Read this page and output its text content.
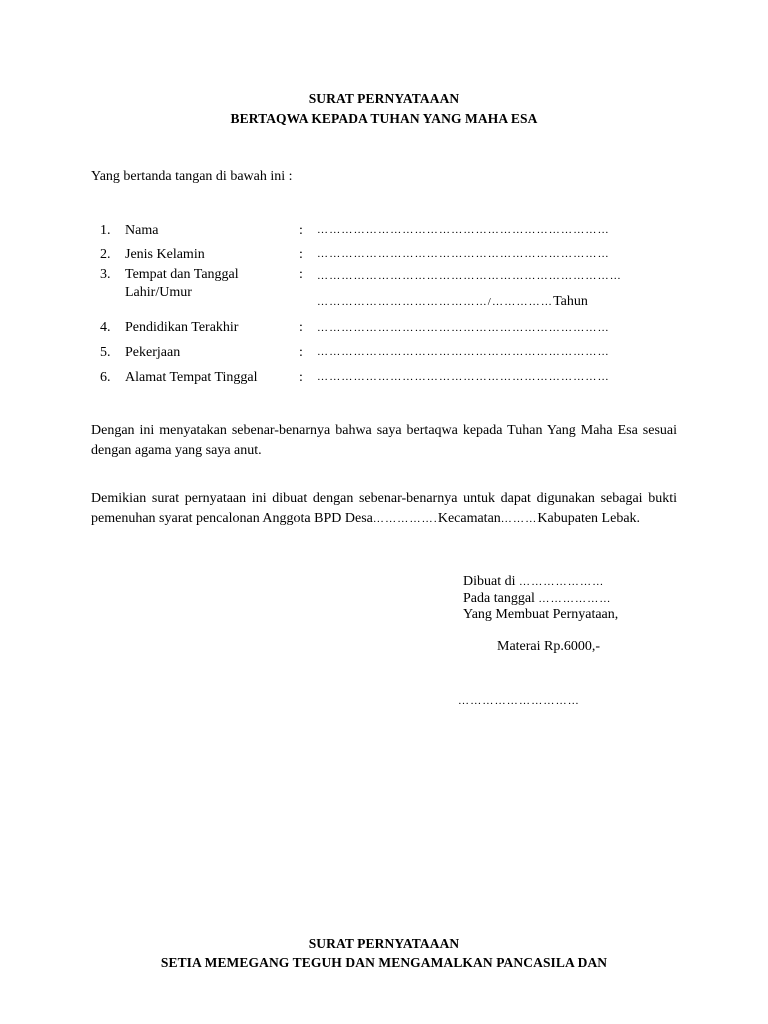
SURAT PERNYATAAAN
BERTAQWA KEPADA TUHAN YANG MAHA ESA
Yang bertanda tangan di bawah ini :
1. Nama	: ………………………………………………………………
2. Jenis Kelamin	: ………………………………………………………………
3. Tempat dan Tanggal
Lahir/Umur
: …………………………………………………………………
……………………………………/……………Tahun
4. Pendidikan Terakhir	: ………………………………………………………………
5. Pekerjaan	: ………………………………………………………………
6. Alamat Tempat Tinggal	: ………………………………………………………………
Dengan ini menyatakan sebenar-benarnya bahwa saya bertaqwa kepada Tuhan Yang Maha Esa sesuai dengan agama yang saya anut.
Demikian surat pernyataan ini dibuat dengan sebenar-benarnya untuk dapat digunakan sebagai bukti pemenuhan syarat pencalonan Anggota BPD Desa…………….Kecamatan………Kabupaten Lebak.
Dibuat di …………………
Pada tanggal ………………
Yang Membuat Pernyataan,
Materai Rp.6000,-
…………………………
SURAT PERNYATAAAN
SETIA MEMEGANG TEGUH DAN MENGAMALKAN PANCASILA DAN
